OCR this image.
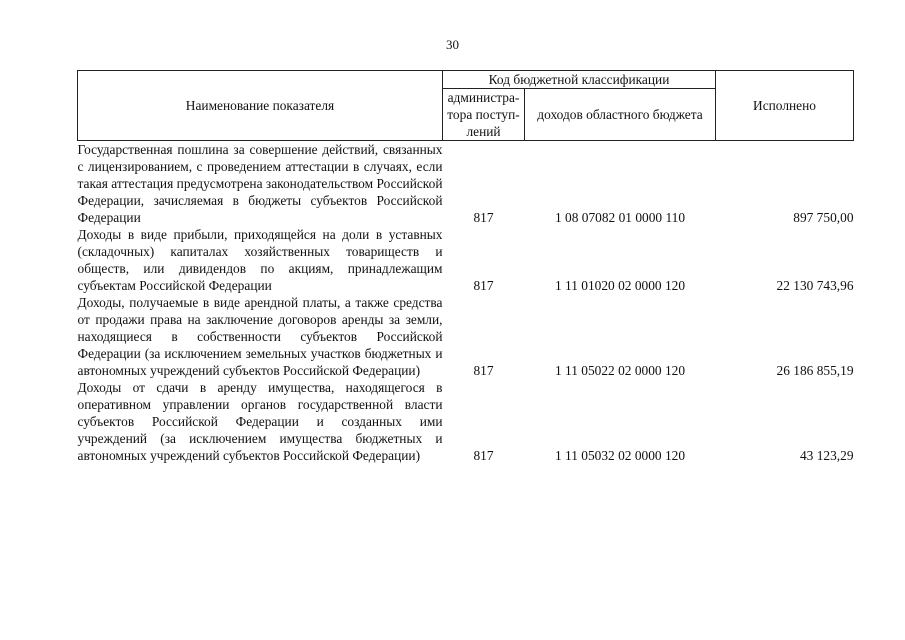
30
Наименование показателя	Код бюджетной классификации		Исполнено
	администра-тора поступ-лений	доходов областного бюджета	
Государственная пошлина за совершение действий, связанных с лицензированием, с проведением аттестации в случаях, если такая аттестация предусмотрена законодательством Российской Федерации, зачисляемая в бюджеты субъектов Российской Федерации	817	1 08 07082 01 0000 110	897 750,00
Доходы в виде прибыли, приходящейся на доли в уставных (складочных) капиталах хозяйственных товариществ и обществ, или дивидендов по акциям, принадлежащим субъектам Российской Федерации	817	1 11 01020 02 0000 120	22 130 743,96
Доходы, получаемые в виде арендной платы, а также средства от продажи права на заключение договоров аренды за земли, находящиеся в собственности субъектов Российской Федерации (за исключением земельных участков бюджетных и автономных учреждений субъектов Российской Федерации)	817	1 11 05022 02 0000 120	26 186 855,19
Доходы от сдачи в аренду имущества, находящегося в оперативном управлении органов государственной власти субъектов Российской Федерации и созданных ими учреждений (за исключением имущества бюджетных и автономных учреждений субъектов Российской Федерации)	817	1 11 05032 02 0000 120	43 123,29
